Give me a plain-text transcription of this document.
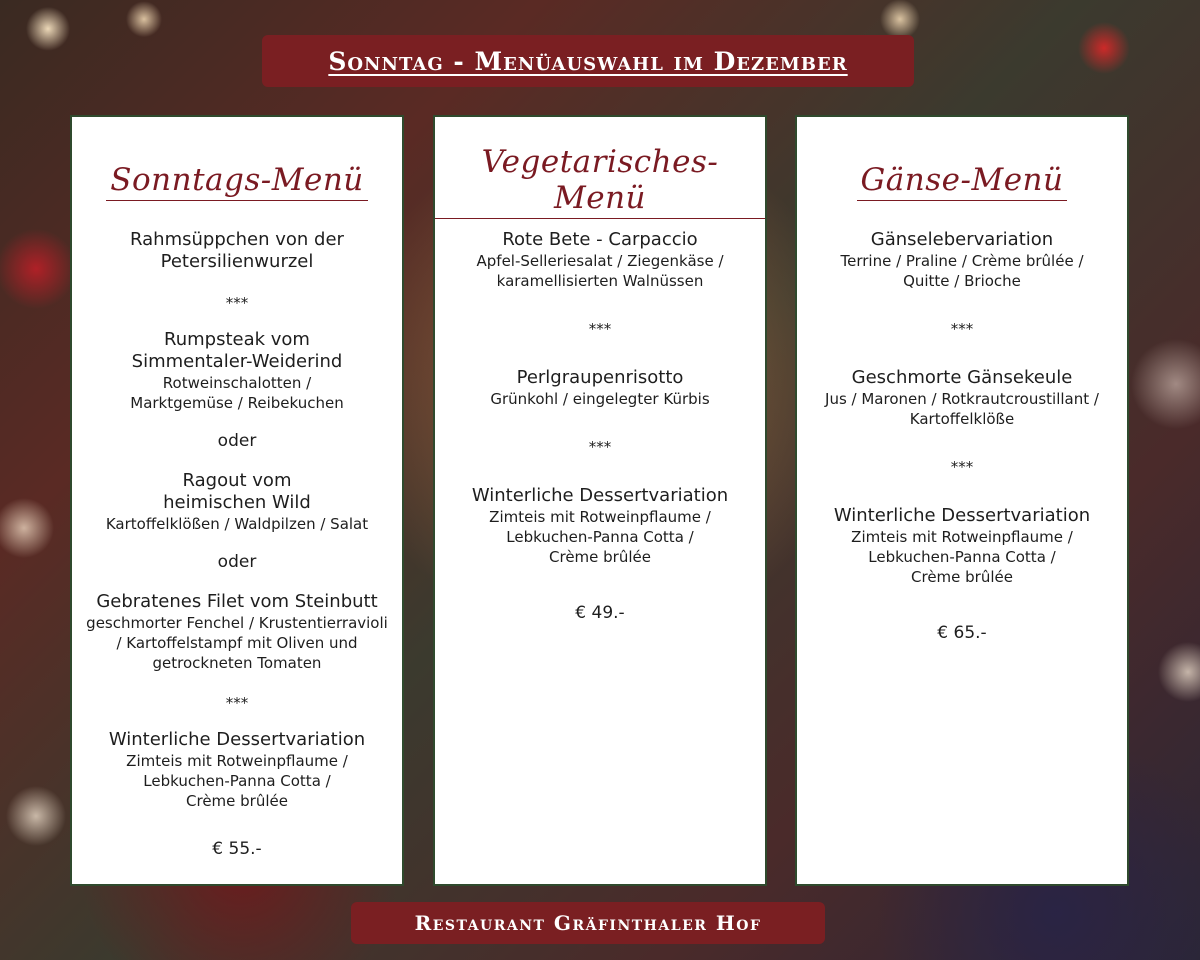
Sonntag - Menüauswahl im Dezember
Sonntags-Menü
Rahmsüppchen von der Petersilienwurzel
***
Rumpsteak vom Simmentaler-Weiderind
Rotweinschalotten / Marktgemüse / Reibekuchen
oder
Ragout vom heimischen Wild
Kartoffelklößen / Waldpilzen / Salat
oder
Gebratenes Filet vom Steinbutt
geschmorter Fenchel / Krustentierravioli / Kartoffelstampf mit Oliven und getrockneten Tomaten
***
Winterliche Dessertvariation
Zimteis mit Rotweinpflaume / Lebkuchen-Panna Cotta / Crème brûlée
€ 55.-
Vegetarisches-Menü
Rote Bete - Carpaccio
Apfel-Selleriesalat / Ziegenkäse / karamellisierten Walnüssen
***
Perlgraupenrisotto
Grünkohl / eingelegter Kürbis
***
Winterliche Dessertvariation
Zimteis mit Rotweinpflaume / Lebkuchen-Panna Cotta / Crème brûlée
€ 49.-
Gänse-Menü
Gänselebervariation
Terrine / Praline / Crème brûlée / Quitte / Brioche
***
Geschmorte Gänsekeule
Jus / Maronen / Rotkrautcroustillant / Kartoffelklöße
***
Winterliche Dessertvariation
Zimteis mit Rotweinpflaume / Lebkuchen-Panna Cotta / Crème brûlée
€ 65.-
Restaurant Gräfinthaler Hof
